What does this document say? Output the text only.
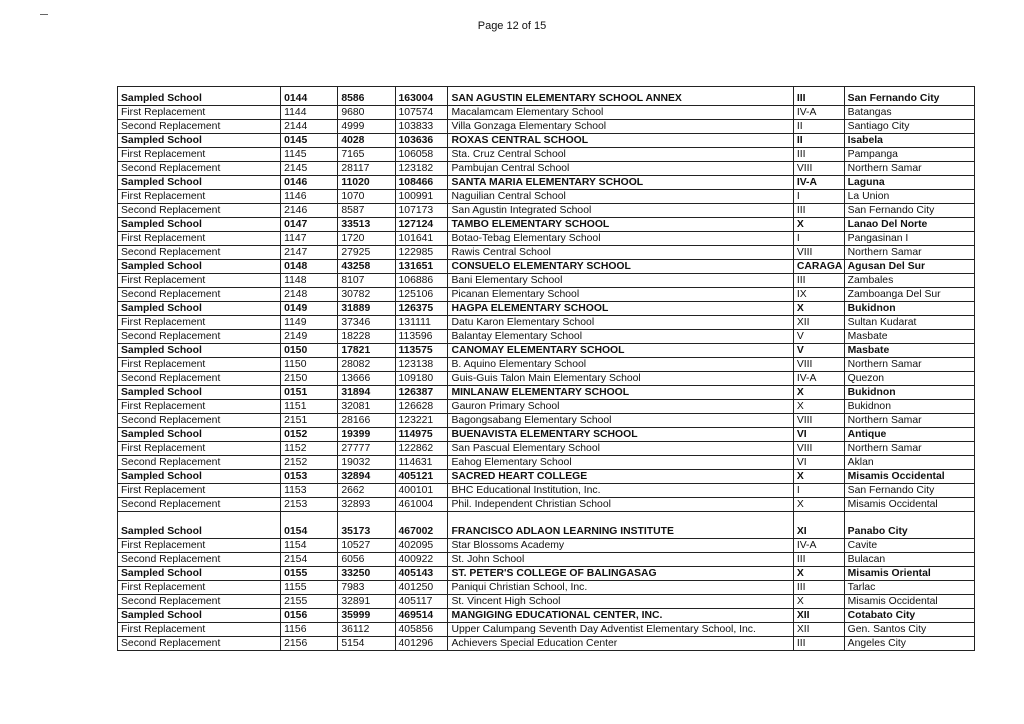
Page 12 of 15
Sampled School	0144	8586	163004	SAN AGUSTIN ELEMENTARY SCHOOL ANNEX	III	San Fernando City
First Replacement	1144	9680	107574	Macalamcam Elementary School	IV-A	Batangas
Second Replacement	2144	4999	103833	Villa Gonzaga Elementary School	II	Santiago City
Sampled School	0145	4028	103636	ROXAS CENTRAL SCHOOL	II	Isabela
First Replacement	1145	7165	106058	Sta. Cruz Central School	III	Pampanga
Second Replacement	2145	28117	123182	Pambujan Central School	VIII	Northern Samar
Sampled School	0146	11020	108466	SANTA MARIA ELEMENTARY SCHOOL	IV-A	Laguna
First Replacement	1146	1070	100991	Naguilian Central School	I	La Union
Second Replacement	2146	8587	107173	San Agustin Integrated School	III	San Fernando City
Sampled School	0147	33513	127124	TAMBO ELEMENTARY SCHOOL	X	Lanao Del Norte
First Replacement	1147	1720	101641	Botao-Tebag Elementary School	I	Pangasinan I
Second Replacement	2147	27925	122985	Rawis Central School	VIII	Northern Samar
Sampled School	0148	43258	131651	CONSUELO ELEMENTARY SCHOOL	CARAGA	Agusan Del Sur
First Replacement	1148	8107	106886	Bani Elementary School	III	Zambales
Second Replacement	2148	30782	125106	Picanan Elementary School	IX	Zamboanga Del Sur
Sampled School	0149	31889	126375	HAGPA ELEMENTARY SCHOOL	X	Bukidnon
First Replacement	1149	37346	131111	Datu Karon Elementary School	XII	Sultan Kudarat
Second Replacement	2149	18228	113596	Balantay Elementary School	V	Masbate
Sampled School	0150	17821	113575	CANOMAY ELEMENTARY SCHOOL	V	Masbate
First Replacement	1150	28082	123138	B. Aquino Elementary School	VIII	Northern Samar
Second Replacement	2150	13666	109180	Guis-Guis Talon Main Elementary School	IV-A	Quezon
Sampled School	0151	31894	126387	MINLANAW ELEMENTARY SCHOOL	X	Bukidnon
First Replacement	1151	32081	126628	Gauron Primary School	X	Bukidnon
Second Replacement	2151	28166	123221	Bagongsabang Elementary School	VIII	Northern Samar
Sampled School	0152	19399	114975	BUENAVISTA ELEMENTARY SCHOOL	VI	Antique
First Replacement	1152	27777	122862	San Pascual Elementary School	VIII	Northern Samar
Second Replacement	2152	19032	114631	Eahog Elementary School	VI	Aklan
Sampled School	0153	32894	405121	SACRED HEART COLLEGE	X	Misamis Occidental
First Replacement	1153	2662	400101	BHC Educational Institution, Inc.	I	San Fernando City
Second Replacement	2153	32893	461004	Phil. Independent Christian School	X	Misamis Occidental
Sampled School	0154	35173	467002	FRANCISCO ADLAON LEARNING INSTITUTE	XI	Panabo City
First Replacement	1154	10527	402095	Star Blossoms Academy	IV-A	Cavite
Second Replacement	2154	6056	400922	St. John School	III	Bulacan
Sampled School	0155	33250	405143	ST. PETER'S COLLEGE OF BALINGASAG	X	Misamis Oriental
First Replacement	1155	7983	401250	Paniqui Christian School, Inc.	III	Tarlac
Second Replacement	2155	32891	405117	St. Vincent High School	X	Misamis Occidental
Sampled School	0156	35999	469514	MANGIGING EDUCATIONAL CENTER, INC.	XII	Cotabato City
First Replacement	1156	36112	405856	Upper Calumpang Seventh Day Adventist Elementary School, Inc.	XII	Gen. Santos City
Second Replacement	2156	5154	401296	Achievers Special Education Center	III	Angeles City
